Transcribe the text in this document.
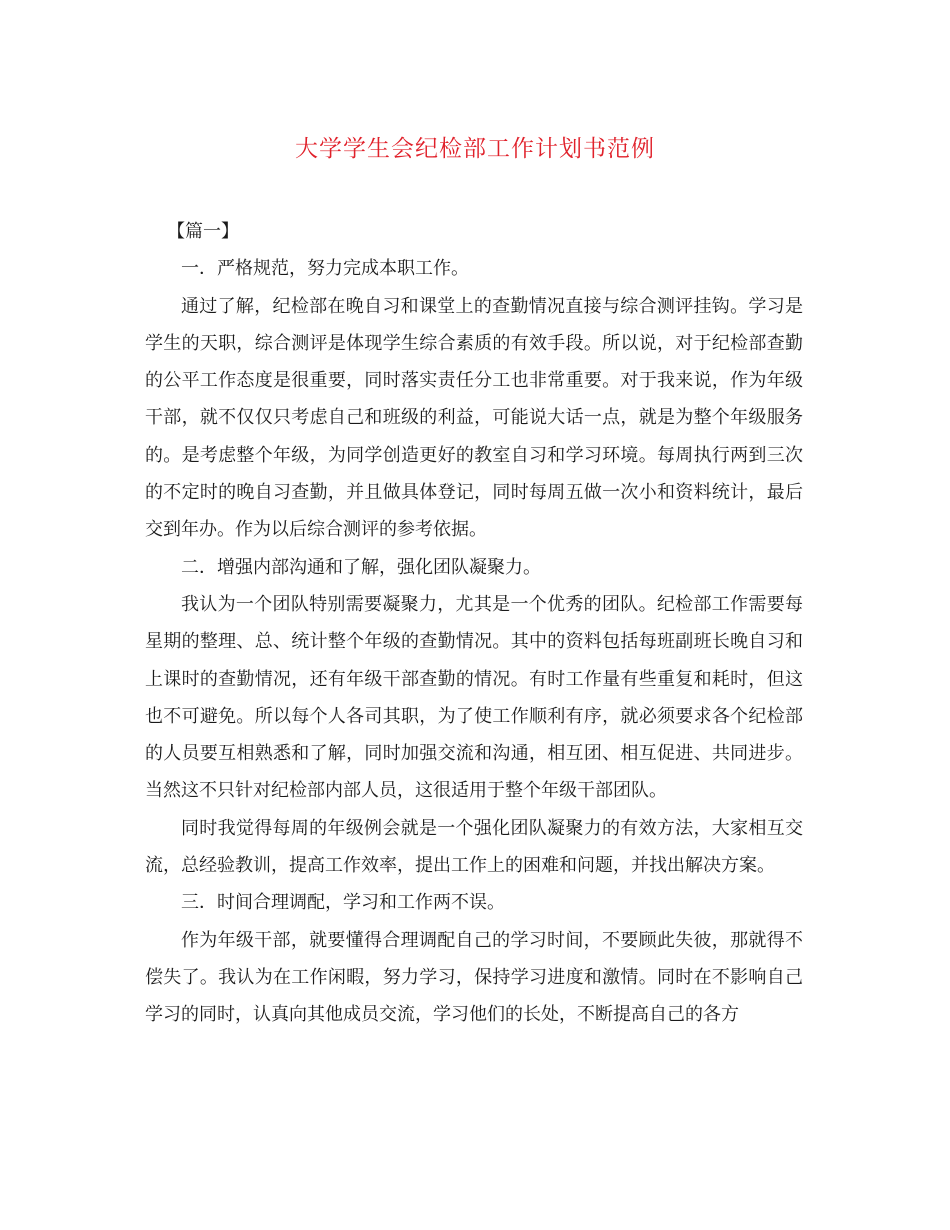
大学学生会纪检部工作计划书范例

【篇一】

一．严格规范，努力完成本职工作。

通过了解，纪检部在晚自习和课堂上的查勤情况直接与综合测评挂钩。学习是学生的天职，综合测评是体现学生综合素质的有效手段。所以说，对于纪检部查勤的公平工作态度是很重要，同时落实责任分工也非常重要。对于我来说，作为年级干部，就不仅仅只考虑自己和班级的利益，可能说大话一点，就是为整个年级服务的。是考虑整个年级，为同学创造更好的教室自习和学习环境。每周执行两到三次的不定时的晚自习查勤，并且做具体登记，同时每周五做一次小和资料统计，最后交到年办。作为以后综合测评的参考依据。

二．增强内部沟通和了解，强化团队凝聚力。

我认为一个团队特别需要凝聚力，尤其是一个优秀的团队。纪检部工作需要每星期的整理、总、统计整个年级的查勤情况。其中的资料包括每班副班长晚自习和上课时的查勤情况，还有年级干部查勤的情况。有时工作量有些重复和耗时，但这也不可避免。所以每个人各司其职，为了使工作顺利有序，就必须要求各个纪检部的人员要互相熟悉和了解，同时加强交流和沟通，相互团、相互促进、共同进步。当然这不只针对纪检部内部人员，这很适用于整个年级干部团队。

同时我觉得每周的年级例会就是一个强化团队凝聚力的有效方法，大家相互交流，总经验教训，提高工作效率，提出工作上的困难和问题，并找出解决方案。

三．时间合理调配，学习和工作两不误。

作为年级干部，就要懂得合理调配自己的学习时间，不要顾此失彼，那就得不偿失了。我认为在工作闲暇，努力学习，保持学习进度和激情。同时在不影响自己学习的同时，认真向其他成员交流，学习他们的长处，不断提高自己的各方
